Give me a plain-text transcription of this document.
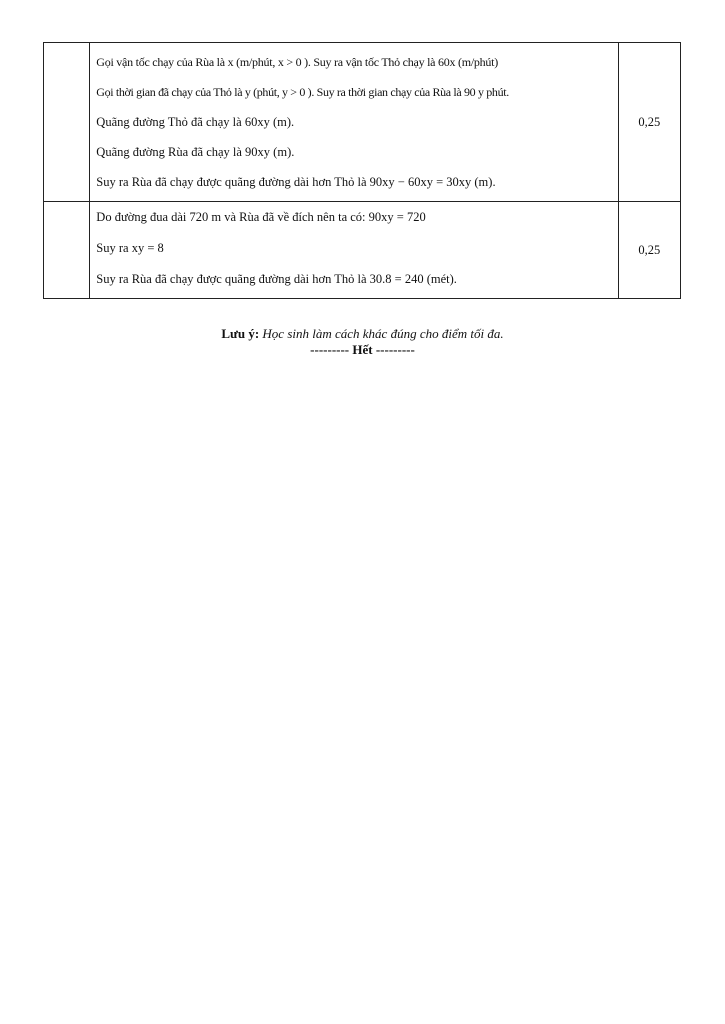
	Gọi vận tốc chạy của Rùa là x (m/phút, x > 0 ). Suy ra vận tốc Thỏ chạy là 60x (m/phút)
Gọi thời gian đã chạy của Thỏ là y (phút, y > 0 ). Suy ra thời gian chạy của Rùa là 90 y phút.
Quãng đường Thỏ đã chạy là 60xy (m).
Quãng đường Rùa đã chạy là 90xy (m).
Suy ra Rùa đã chạy được quãng đường dài hơn Thỏ là 90xy − 60xy = 30xy (m).	0,25

	Do đường đua dài 720 m và Rùa đã về đích nên ta có: 90xy = 720
Suy ra xy = 8
Suy ra Rùa đã chạy được quãng đường dài hơn Thỏ là 30.8 = 240 (mét).	0,25
Lưu ý: Học sinh làm cách khác đúng cho điểm tối đa.
--------- Hết ---------
